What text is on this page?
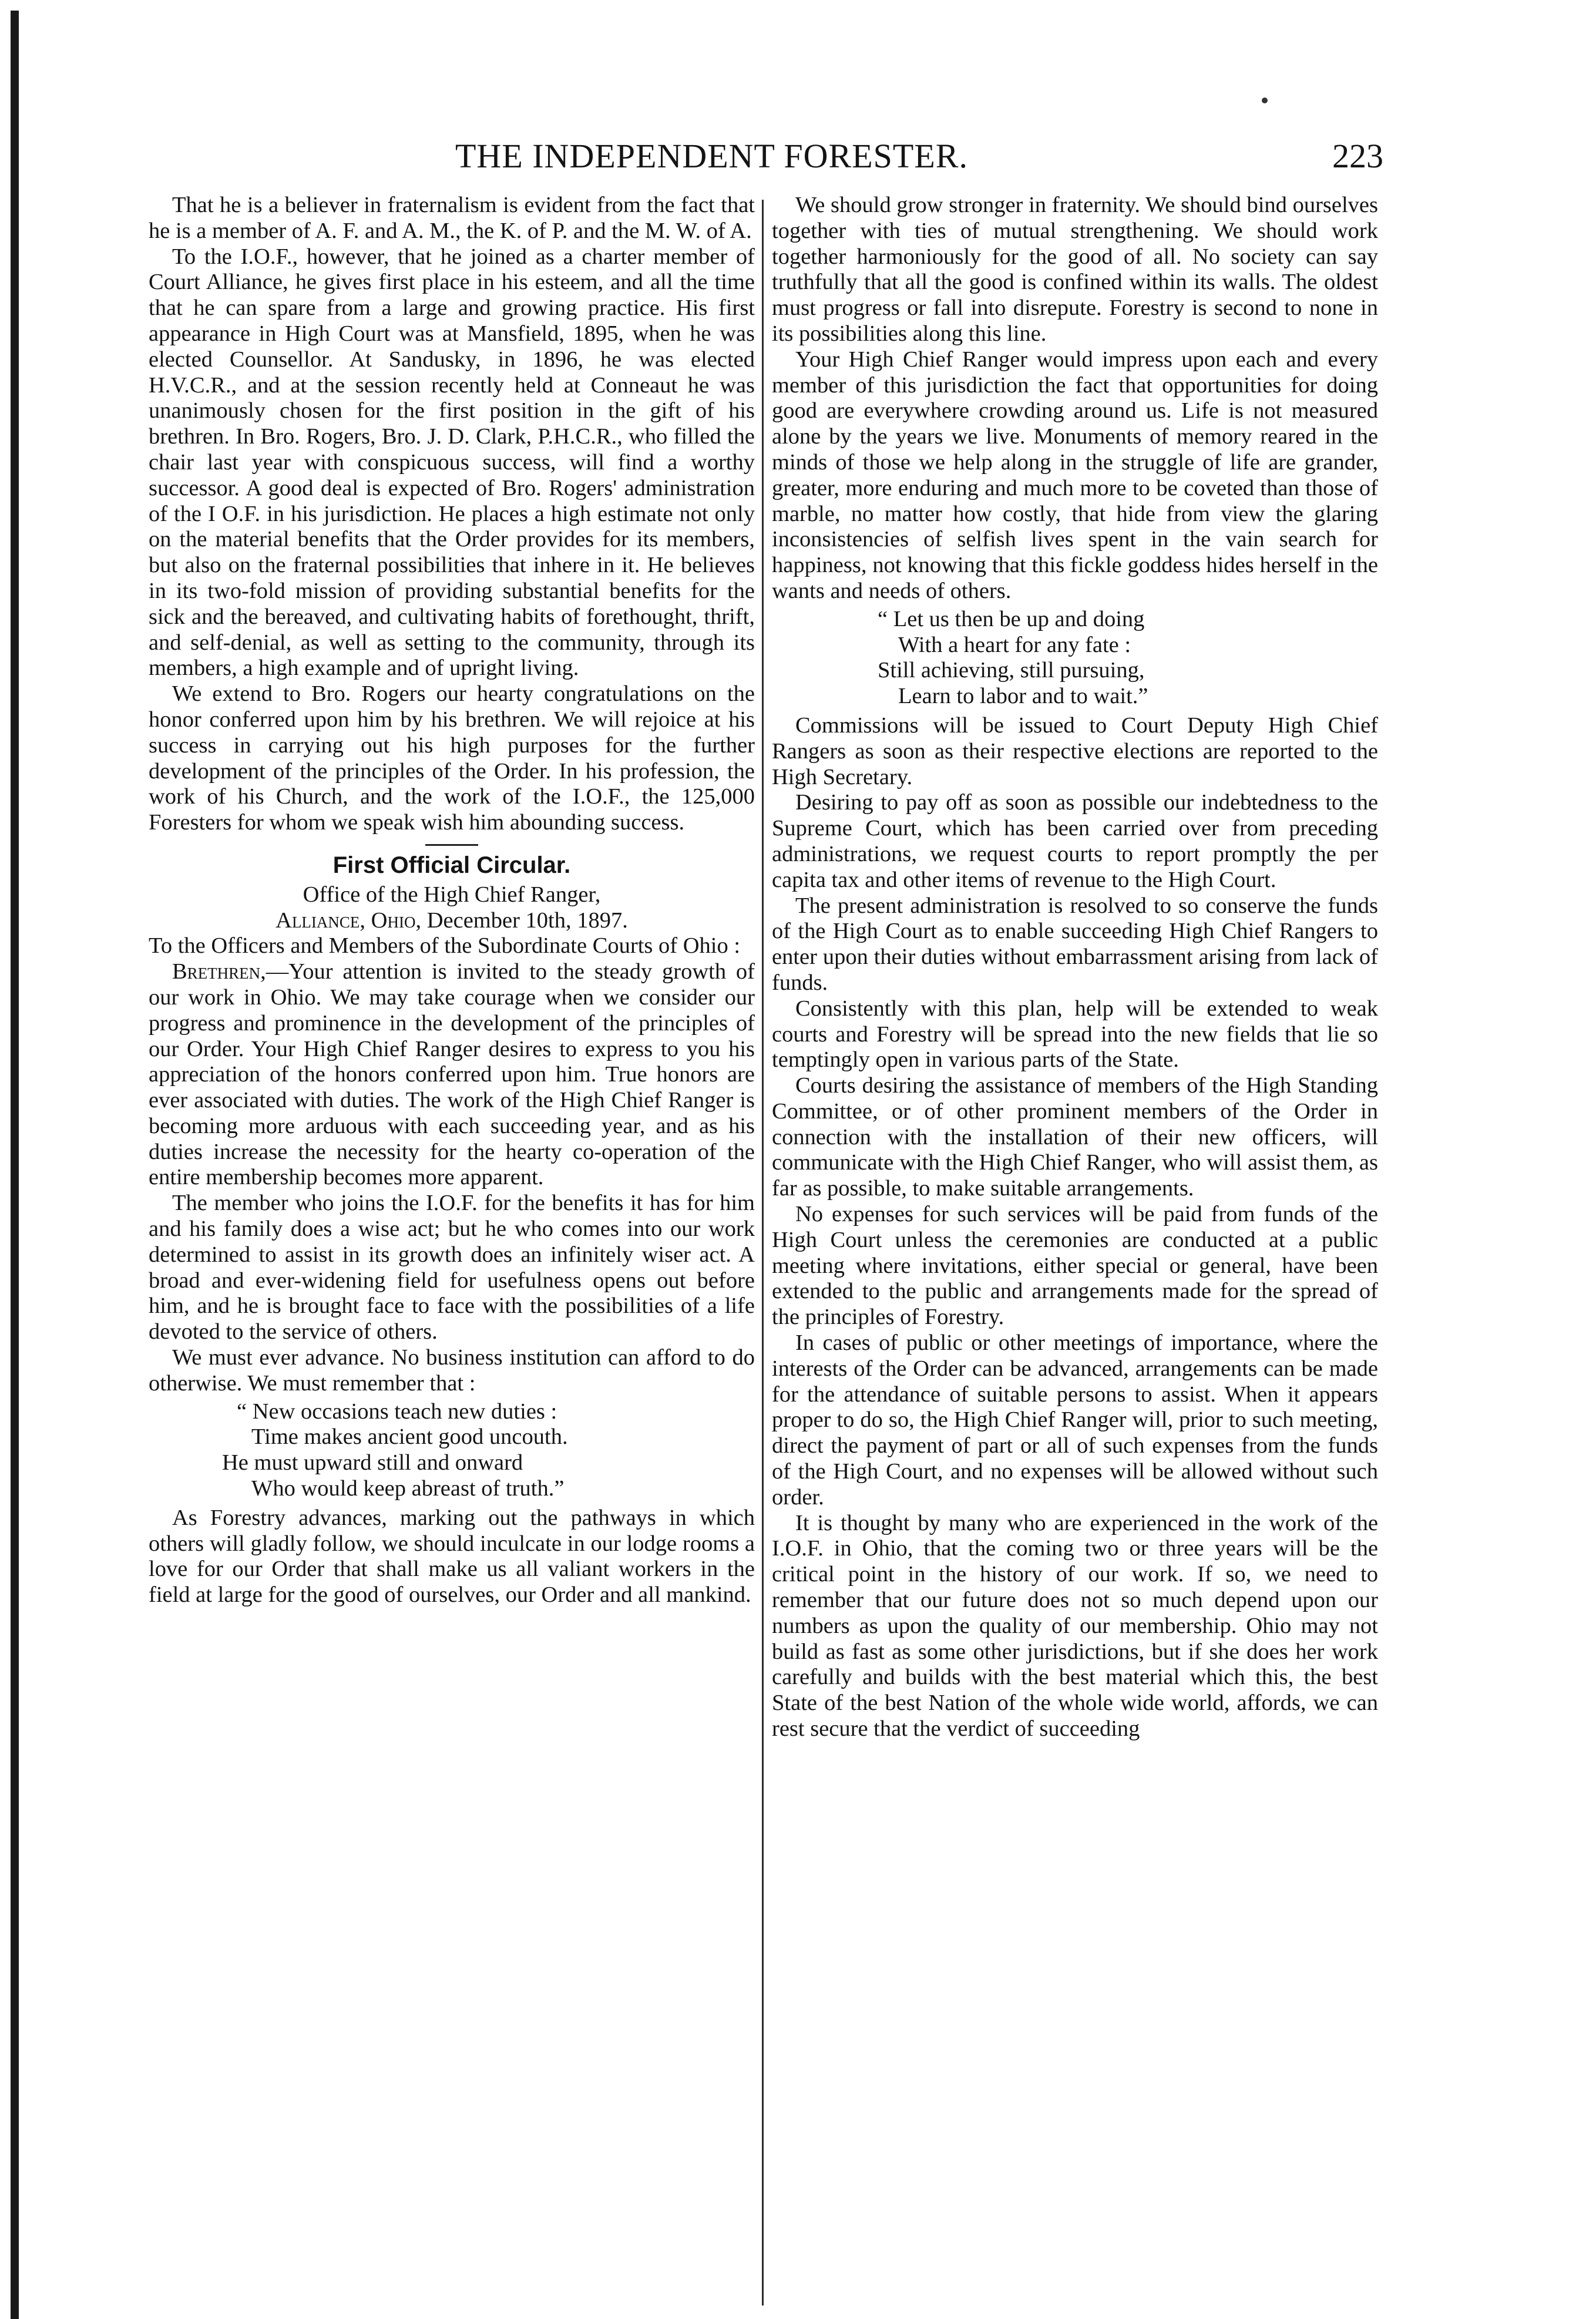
THE INDEPENDENT FORESTER.	223

That he is a believer in fraternalism is evident from the fact that he is a member of A. F. and A. M., the K. of P. and the M. W. of A.

To the I.O.F., however, that he joined as a charter member of Court Alliance, he gives first place in his esteem, and all the time that he can spare from a large and growing practice. His first appearance in High Court was at Mansfield, 1895, when he was elected Counsellor. At Sandusky, in 1896, he was elected H.V.C.R., and at the session recently held at Conneaut he was unanimously chosen for the first position in the gift of his brethren. In Bro. Rogers, Bro. J. D. Clark, P.H.C.R., who filled the chair last year with conspicuous success, will find a worthy successor. A good deal is expected of Bro. Rogers' administration of the I O.F. in his jurisdiction. He places a high estimate not only on the material benefits that the Order provides for its members, but also on the fraternal possibilities that inhere in it. He believes in its two-fold mission of providing substantial benefits for the sick and the bereaved, and cultivating habits of forethought, thrift, and self-denial, as well as setting to the community, through its members, a high example and of upright living.

We extend to Bro. Rogers our hearty congratulations on the honor conferred upon him by his brethren. We will rejoice at his success in carrying out his high purposes for the further development of the principles of the Order. In his profession, the work of his Church, and the work of the I.O.F., the 125,000 Foresters for whom we speak wish him abounding success.

First Official Circular.

Office of the High Chief Ranger,

Alliance, Ohio, December 10th, 1897.

To the Officers and Members of the Subordinate Courts of Ohio :

Brethren,—Your attention is invited to the steady growth of our work in Ohio. We may take courage when we consider our progress and prominence in the development of the principles of our Order. Your High Chief Ranger desires to express to you his appreciation of the honors conferred upon him. True honors are ever associated with duties. The work of the High Chief Ranger is becoming more arduous with each succeeding year, and as his duties increase the necessity for the hearty co-operation of the entire membership becomes more apparent.

The member who joins the I.O.F. for the benefits it has for him and his family does a wise act; but he who comes into our work determined to assist in its growth does an infinitely wiser act. A broad and ever-widening field for usefulness opens out before him, and he is brought face to face with the possibilities of a life devoted to the service of others.

We must ever advance. No business institution can afford to do otherwise. We must remember that :

“ New occasions teach new duties :
Time makes ancient good uncouth.
He must upward still and onward
Who would keep abreast of truth.”

As Forestry advances, marking out the pathways in which others will gladly follow, we should inculcate in our lodge rooms a love for our Order that shall make us all valiant workers in the field at large for the good of ourselves, our Order and all mankind.

We should grow stronger in fraternity. We should bind ourselves together with ties of mutual strengthening. We should work together harmoniously for the good of all. No society can say truthfully that all the good is confined within its walls. The oldest must progress or fall into disrepute. Forestry is second to none in its possibilities along this line.

Your High Chief Ranger would impress upon each and every member of this jurisdiction the fact that opportunities for doing good are everywhere crowding around us. Life is not measured alone by the years we live. Monuments of memory reared in the minds of those we help along in the struggle of life are grander, greater, more enduring and much more to be coveted than those of marble, no matter how costly, that hide from view the glaring inconsistencies of selfish lives spent in the vain search for happiness, not knowing that this fickle goddess hides herself in the wants and needs of others.

“ Let us then be up and doing
With a heart for any fate :
Still achieving, still pursuing,
Learn to labor and to wait.”

Commissions will be issued to Court Deputy High Chief Rangers as soon as their respective elections are reported to the High Secretary.

Desiring to pay off as soon as possible our indebtedness to the Supreme Court, which has been carried over from preceding administrations, we request courts to report promptly the per capita tax and other items of revenue to the High Court.

The present administration is resolved to so conserve the funds of the High Court as to enable succeeding High Chief Rangers to enter upon their duties without embarrassment arising from lack of funds.

Consistently with this plan, help will be extended to weak courts and Forestry will be spread into the new fields that lie so temptingly open in various parts of the State.

Courts desiring the assistance of members of the High Standing Committee, or of other prominent members of the Order in connection with the installation of their new officers, will communicate with the High Chief Ranger, who will assist them, as far as possible, to make suitable arrangements.

No expenses for such services will be paid from funds of the High Court unless the ceremonies are conducted at a public meeting where invitations, either special or general, have been extended to the public and arrangements made for the spread of the principles of Forestry.

In cases of public or other meetings of importance, where the interests of the Order can be advanced, arrangements can be made for the attendance of suitable persons to assist. When it appears proper to do so, the High Chief Ranger will, prior to such meeting, direct the payment of part or all of such expenses from the funds of the High Court, and no expenses will be allowed without such order.

It is thought by many who are experienced in the work of the I.O.F. in Ohio, that the coming two or three years will be the critical point in the history of our work. If so, we need to remember that our future does not so much depend upon our numbers as upon the quality of our membership. Ohio may not build as fast as some other jurisdictions, but if she does her work carefully and builds with the best material which this, the best State of the best Nation of the whole wide world, affords, we can rest secure that the verdict of succeeding
